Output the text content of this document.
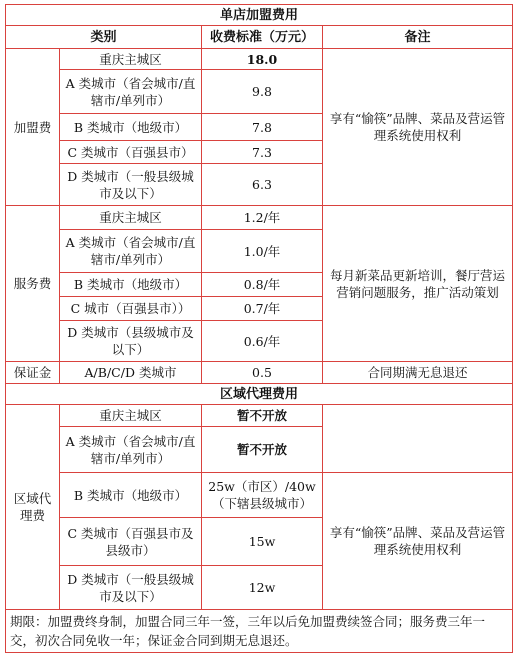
单店加盟费用			
类别		收费标准（万元）	备注
加盟费	重庆主城区	18.0	享有“愉筷”品牌、菜品及营运管理系统使用权利
	A 类城市（省会城市/直辖市/单列市）	9.8	
	B 类城市（地级市）	7.8	
	C 类城市（百强县市）	7.3	
	D 类城市（一般县级城市及以下）	6.3	
服务费	重庆主城区	1.2/年	每月新菜品更新培训，餐厅营运营销问题服务，推广活动策划
	A 类城市（省会城市/直辖市/单列市）	1.0/年	
	B 类城市（地级市）	0.8/年	
	C 城市（百强县市））	0.7/年	
	D 类城市（县级城市及以下）	0.6/年	
保证金	A/B/C/D 类城市	0.5	合同期满无息退还
区域代理费用			
区域代理费	重庆主城区	暂不开放	
	A 类城市（省会城市/直辖市/单列市）	暂不开放	
	B 类城市（地级市）	25w（市区）/40w（下辖县级城市）	享有“愉筷”品牌、菜品及营运管理系统使用权利
	C 类城市（百强县市及县级市）	15w	
	D 类城市（一般县级城市及以下）	12w	
期限：加盟费终身制，加盟合同三年一签，三年以后免加盟费续签合同；服务费三年一交，初次合同免收一年；保证金合同到期无息退还。			
